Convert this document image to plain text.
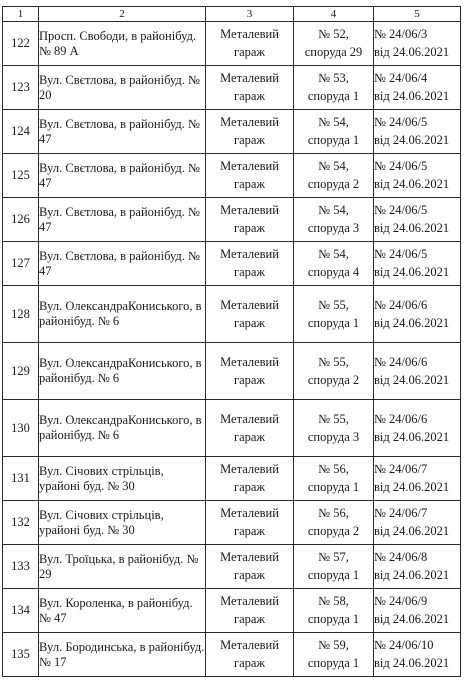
1	2	3	4	5
122	Просп. Свободи, в районібуд. № 89 А	Металевий
гараж	№ 52,
споруда 29	№ 24/06/3
від 24.06.2021

123	Вул. Свєтлова, в районібуд. № 20	Металевий
гараж	№ 53,
споруда 1	№ 24/06/4
від 24.06.2021

124	Вул. Свєтлова, в районібуд. № 47	Металевий
гараж	№ 54,
споруда 1	№ 24/06/5
від 24.06.2021

125	Вул. Свєтлова, в районібуд. № 47	Металевий
гараж	№ 54,
споруда 2	№ 24/06/5
від 24.06.2021

126	Вул. Свєтлова, в районібуд. № 47	Металевий
гараж	№ 54,
споруда 3	№ 24/06/5
від 24.06.2021

127	Вул. Свєтлова, в районібуд. № 47	Металевий
гараж	№ 54,
споруда 4	№ 24/06/5
від 24.06.2021

128	Вул. ОлександраКониського, в районібуд. № 6	Металевий
гараж	№ 55,
споруда 1	№ 24/06/6
від 24.06.2021

129	Вул. ОлександраКониського, в районібуд. № 6	Металевий
гараж	№ 55,
споруда 2	№ 24/06/6
від 24.06.2021

130	Вул. ОлександраКониського, в районібуд. № 6	Металевий
гараж	№ 55,
споруда 3	№ 24/06/6
від 24.06.2021

131	Вул. Січових стрільців, урайоні буд. № 30	Металевий
гараж	№ 56,
споруда 1	№ 24/06/7
від 24.06.2021

132	Вул. Січових стрільців, урайоні буд. № 30	Металевий
гараж	№ 56,
споруда 2	№ 24/06/7
від 24.06.2021

133	Вул. Троїцька, в районібуд. № 29	Металевий
гараж	№ 57,
споруда 1	№ 24/06/8
від 24.06.2021

134	Вул. Короленка, в районібуд. № 47	Металевий
гараж	№ 58,
споруда 1	№ 24/06/9
від 24.06.2021

135	Вул. Бородинська, в районібуд. № 17	Металевий
гараж	№ 59,
споруда 1	№ 24/06/10
від 24.06.2021
